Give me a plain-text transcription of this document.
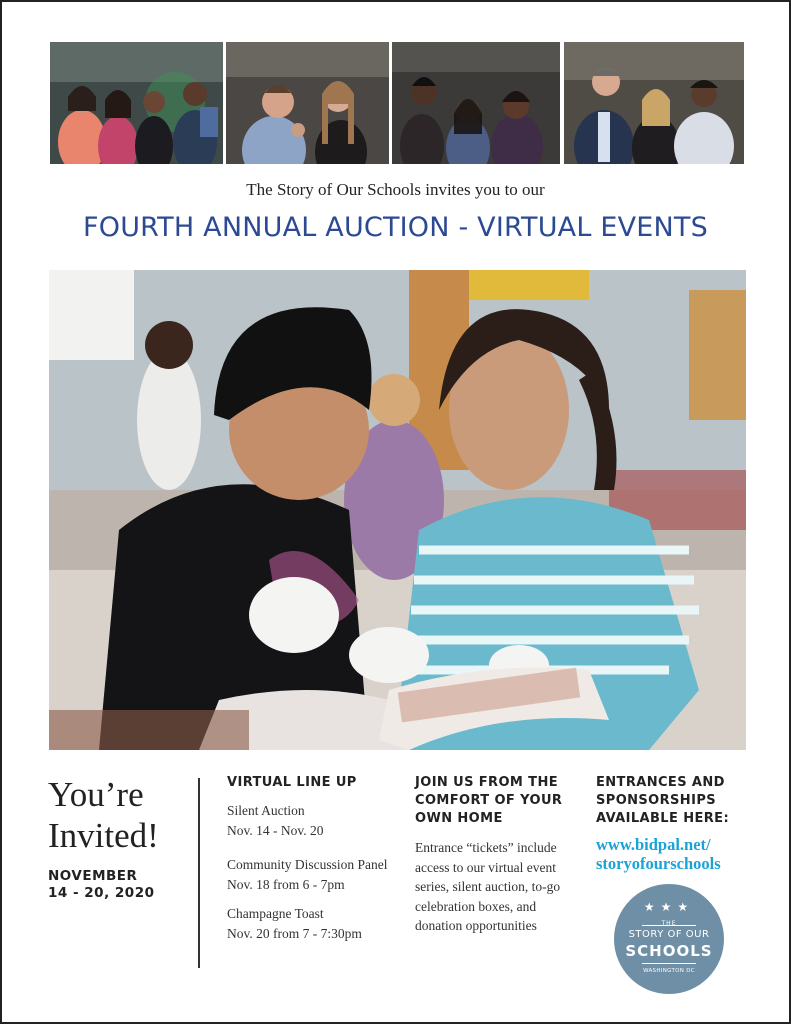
The Story of Our Schools invites you to our
FOURTH ANNUAL AUCTION - VIRTUAL EVENTS
You’re
Invited!
NOVEMBER
14 - 20, 2020
VIRTUAL LINE UP
Silent Auction
Nov. 14 - Nov. 20
Community Discussion Panel
Nov. 18 from 6 - 7pm
Champagne Toast
Nov. 20 from 7 - 7:30pm
JOIN US FROM THE COMFORT OF YOUR OWN HOME
Entrance “tickets” include access to our virtual event series, silent auction, to-go celebration boxes, and donation opportunities
ENTRANCES AND SPONSORSHIPS AVAILABLE HERE:
www.bidpal.net/
storyofourschools
★★★
THE
STORY OF OUR
SCHOOLS
WASHINGTON DC
